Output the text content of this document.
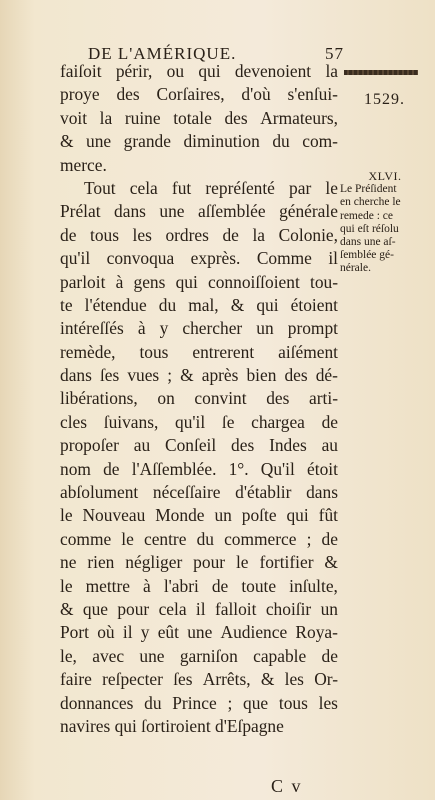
DE L'AMÉRIQUE.	57
1529.
faiſoit périr, ou qui devenoient la
proye des Corſaires, d'où s'enſui-
voit la ruine totale des Armateurs,
& une grande diminution du com-
merce.
Tout cela fut repréſenté par le
Prélat dans une aſſemblée générale
de tous les ordres de la Colonie,
qu'il convoqua exprès. Comme il
parloit à gens qui connoiſſoient tou-
te l'étendue du mal, & qui étoient
intéreſſés à y chercher un prompt
remède, tous entrerent aiſément
dans ſes vues ; & après bien des dé-
libérations, on convint des arti-
cles ſuivans, qu'il ſe chargea de
propoſer au Conſeil des Indes au
nom de l'Aſſemblée. 1°. Qu'il étoit
abſolument néceſſaire d'établir dans
le Nouveau Monde un poſte qui fût
comme le centre du commerce ; de
ne rien négliger pour le fortifier &
le mettre à l'abri de toute inſulte,
& que pour cela il falloit choiſir un
Port où il y eût une Audience Roya-
le, avec une garniſon capable de
faire reſpecter ſes Arrêts, & les Or-
donnances du Prince ; que tous les
navires qui ſortiroient d'Eſpagne
XLVI.
Le Préſident
en cherche le
remede : ce
qui eſt réſolu
dans une aſ-
ſemblée gé-
nérale.
C v
